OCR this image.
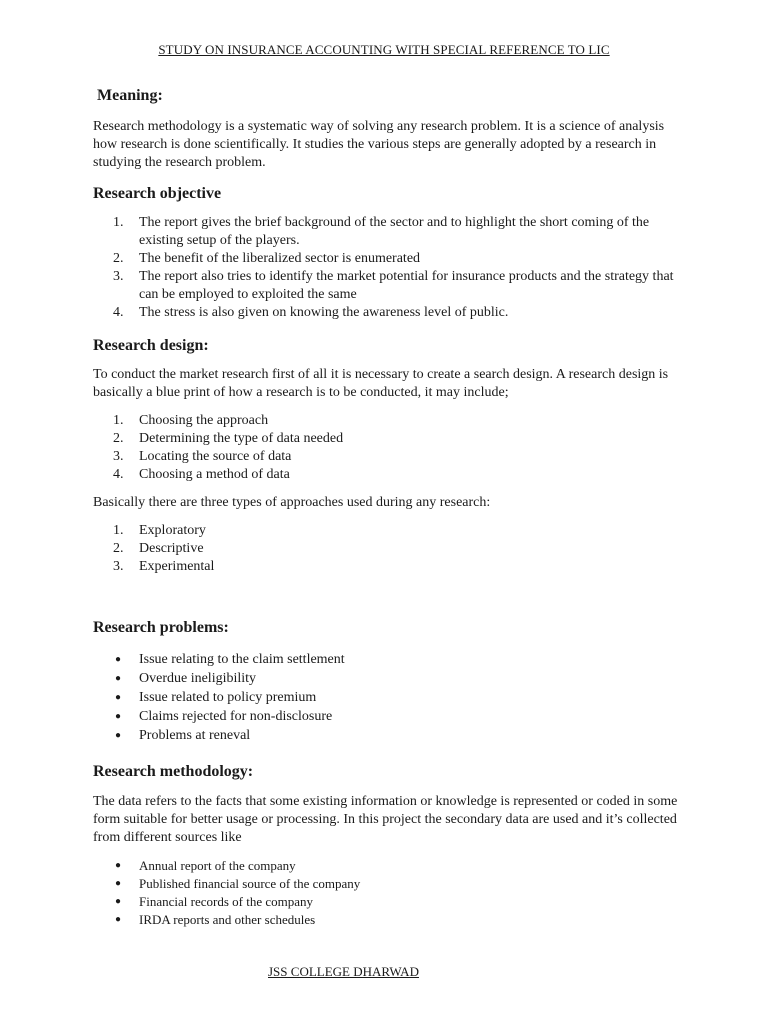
STUDY ON INSURANCE ACCOUNTING WITH SPECIAL REFERENCE TO LIC
Meaning:

Research methodology is a systematic way of solving any research problem. It is a science of analysis how research is done scientifically. It studies the various steps are generally adopted by a research in studying the research problem.

Research objective
1.	The report gives the brief background of the sector and to highlight the short coming of the existing setup of the players.
2.	The benefit of the liberalized sector is enumerated
3.	The report also tries to identify the market potential for insurance products and the strategy that can be employed to exploited the same
4.	The stress is also given on knowing the awareness level of public.
Research design:

To conduct the market research first of all it is necessary to create a search design. A research design is basically a blue print of how a research is to be conducted, it may include;

1.	Choosing the approach
2.	Determining the type of data needed
3.	Locating the source of data
4.	Choosing a method of data

Basically there are three types of approaches used during any research:

1.	Exploratory
2.	Descriptive
3.	Experimental
Research problems:
●	Issue relating to the claim settlement
●	Overdue ineligibility
●	Issue related to policy premium
●	Claims rejected for non-disclosure
●	Problems at reneval
Research methodology:

The data refers to the facts that some existing information or knowledge is represented or coded in some form suitable for better usage or processing. In this project the secondary data are used and it’s collected from different sources like

●	Annual report of the company
●	Published financial source of the company
●	Financial records of the company
●	IRDA reports and other schedules
JSS COLLEGE DHARWAD
